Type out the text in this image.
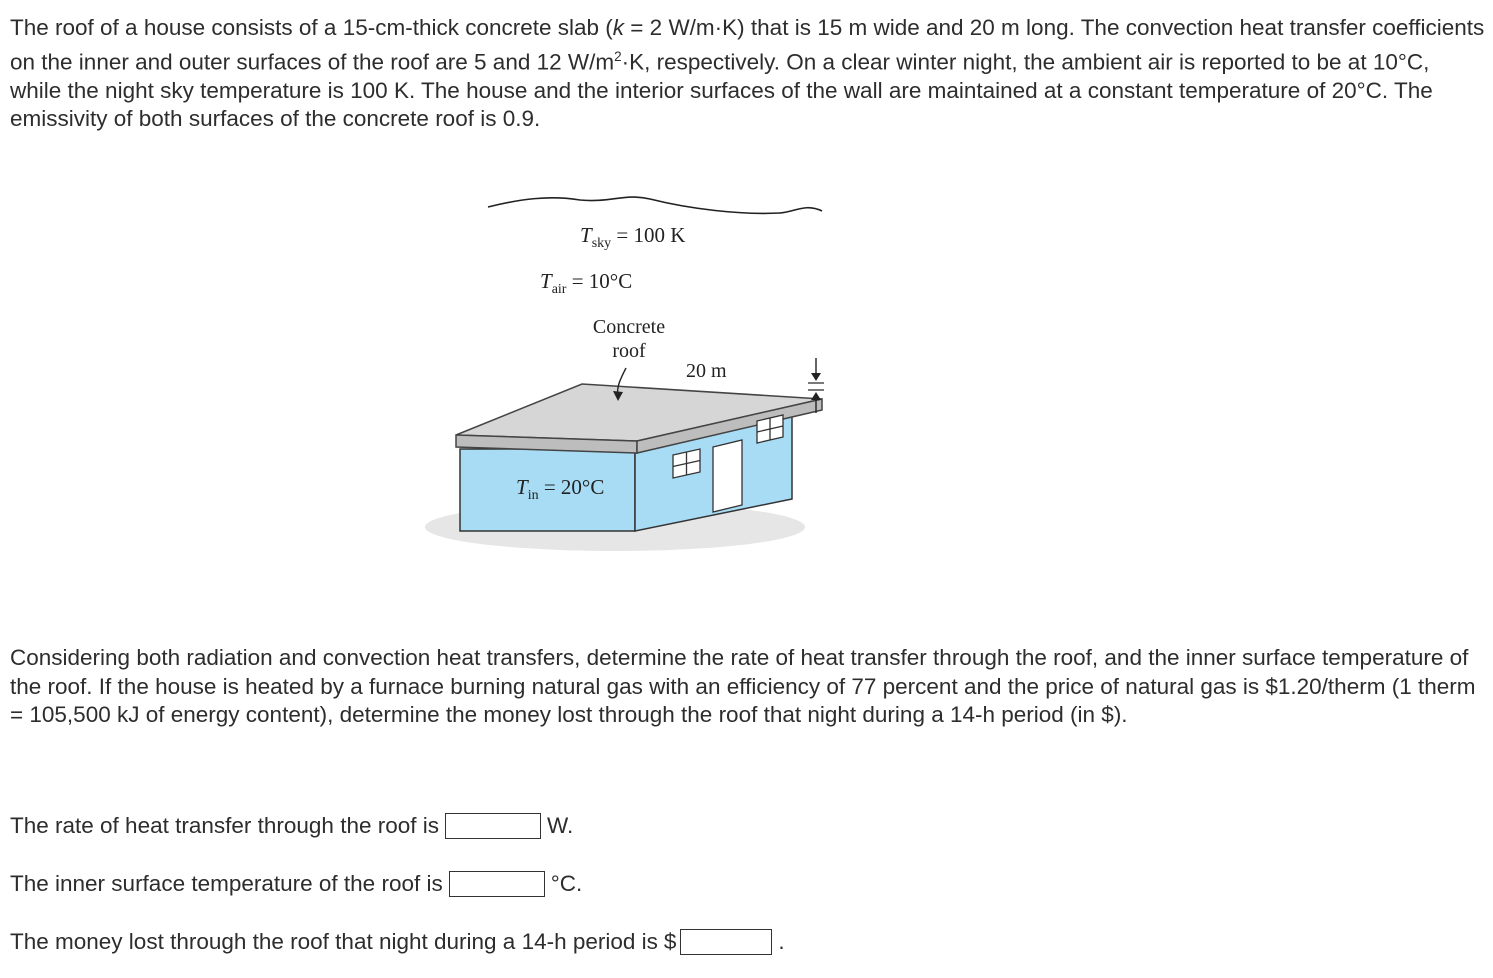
The roof of a house consists of a 15-cm-thick concrete slab (k = 2 W/m·K) that is 15 m wide and 20 m long. The convection heat transfer coefficients on the inner and outer surfaces of the roof are 5 and 12 $W/m^2\cdot K$, respectively. On a clear winter night, the ambient air is reported to be at 10°C, while the night sky temperature is 100 K. The house and the interior surfaces of the wall are maintained at a constant temperature of 20°C. The emissivity of both surfaces of the concrete roof is 0.9.

$T_{sky} = 100$ K
$T_{air} = 10^\circ C$
Concrete
roof
20 m
$T_{in} = 20^\circ C$

Considering both radiation and convection heat transfers, determine the rate of heat transfer through the roof, and the inner surface temperature of the roof. If the house is heated by a furnace burning natural gas with an efficiency of 77 percent and the price of natural gas is $1.20/therm (1 therm = 105,500 kJ of energy content), determine the money lost through the roof that night during a 14-h period (in $).

The rate of heat transfer through the roof is	W.
The inner surface temperature of the roof is	°C.
The money lost through the roof that night during a 14-h period is $	.
